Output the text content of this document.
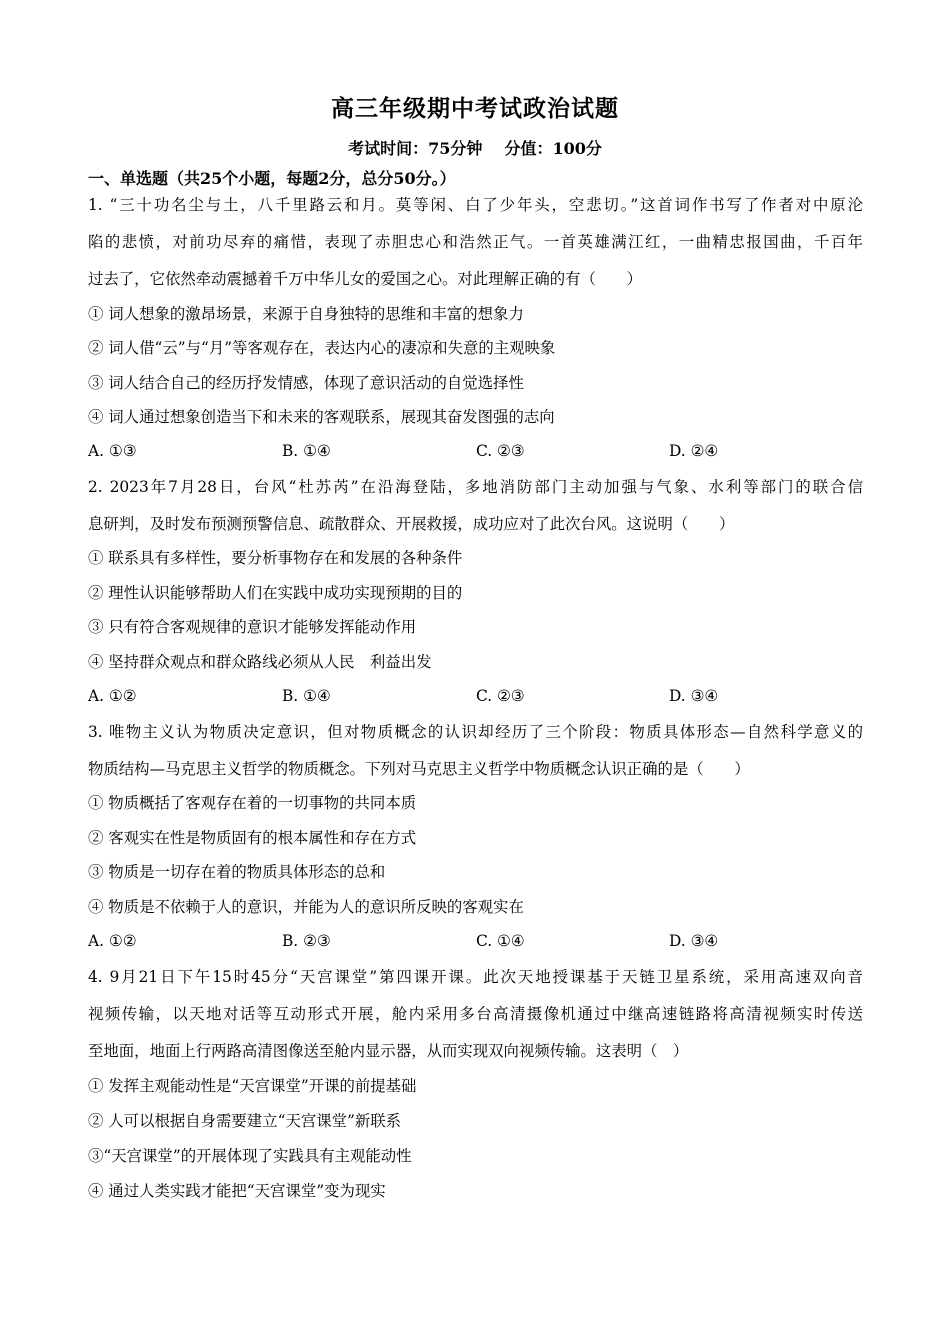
高三年级期中考试政治试题
考试时间：75分钟 分值：100分
一、单选题（共25个小题，每题2分，总分50分。）
1. “三十功名尘与土，八千里路云和月。莫等闲、白了少年头，空悲切。”这首词作书写了作者对中原沦
陷的悲愤，对前功尽弃的痛惜，表现了赤胆忠心和浩然正气。一首英雄满江红，一曲精忠报国曲，千百年
过去了，它依然牵动震撼着千万中华儿女的爱国之心。对此理解正确的有（　　）
① 词人想象的激昂场景，来源于自身独特的思维和丰富的想象力
② 词人借“云”与“月”等客观存在，表达内心的凄凉和失意的主观映象
③ 词人结合自己的经历抒发情感，体现了意识活动的自觉选择性
④ 词人通过想象创造当下和未来的客观联系，展现其奋发图强的志向
A. ①③	B. ①④	C. ②③	D. ②④
2. 2023年7月28日，台风“杜苏芮”在沿海登陆，多地消防部门主动加强与气象、水利等部门的联合信
息研判，及时发布预测预警信息、疏散群众、开展救援，成功应对了此次台风。这说明（　　）
① 联系具有多样性，要分析事物存在和发展的各种条件
② 理性认识能够帮助人们在实践中成功实现预期的目的
③ 只有符合客观规律的意识才能够发挥能动作用
④ 坚持群众观点和群众路线必须从人民　利益出发
A. ①②	B. ①④	C. ②③	D. ③④
3. 唯物主义认为物质决定意识，但对物质概念的认识却经历了三个阶段：物质具体形态—自然科学意义的
物质结构—马克思主义哲学的物质概念。下列对马克思主义哲学中物质概念认识正确的是（　　）
① 物质概括了客观存在着的一切事物的共同本质
② 客观实在性是物质固有的根本属性和存在方式
③ 物质是一切存在着的物质具体形态的总和
④ 物质是不依赖于人的意识，并能为人的意识所反映的客观实在
A. ①②	B. ②③	C. ①④	D. ③④
4. 9月21日下午15时45分“天宫课堂”第四课开课。此次天地授课基于天链卫星系统，采用高速双向音
视频传输，以天地对话等互动形式开展，舱内采用多台高清摄像机通过中继高速链路将高清视频实时传送
至地面，地面上行两路高清图像送至舱内显示器，从而实现双向视频传输。这表明（　）
① 发挥主观能动性是“天宫课堂”开课的前提基础
② 人可以根据自身需要建立“天宫课堂”新联系
③“天宫课堂”的开展体现了实践具有主观能动性
④ 通过人类实践才能把“天宫课堂”变为现实
